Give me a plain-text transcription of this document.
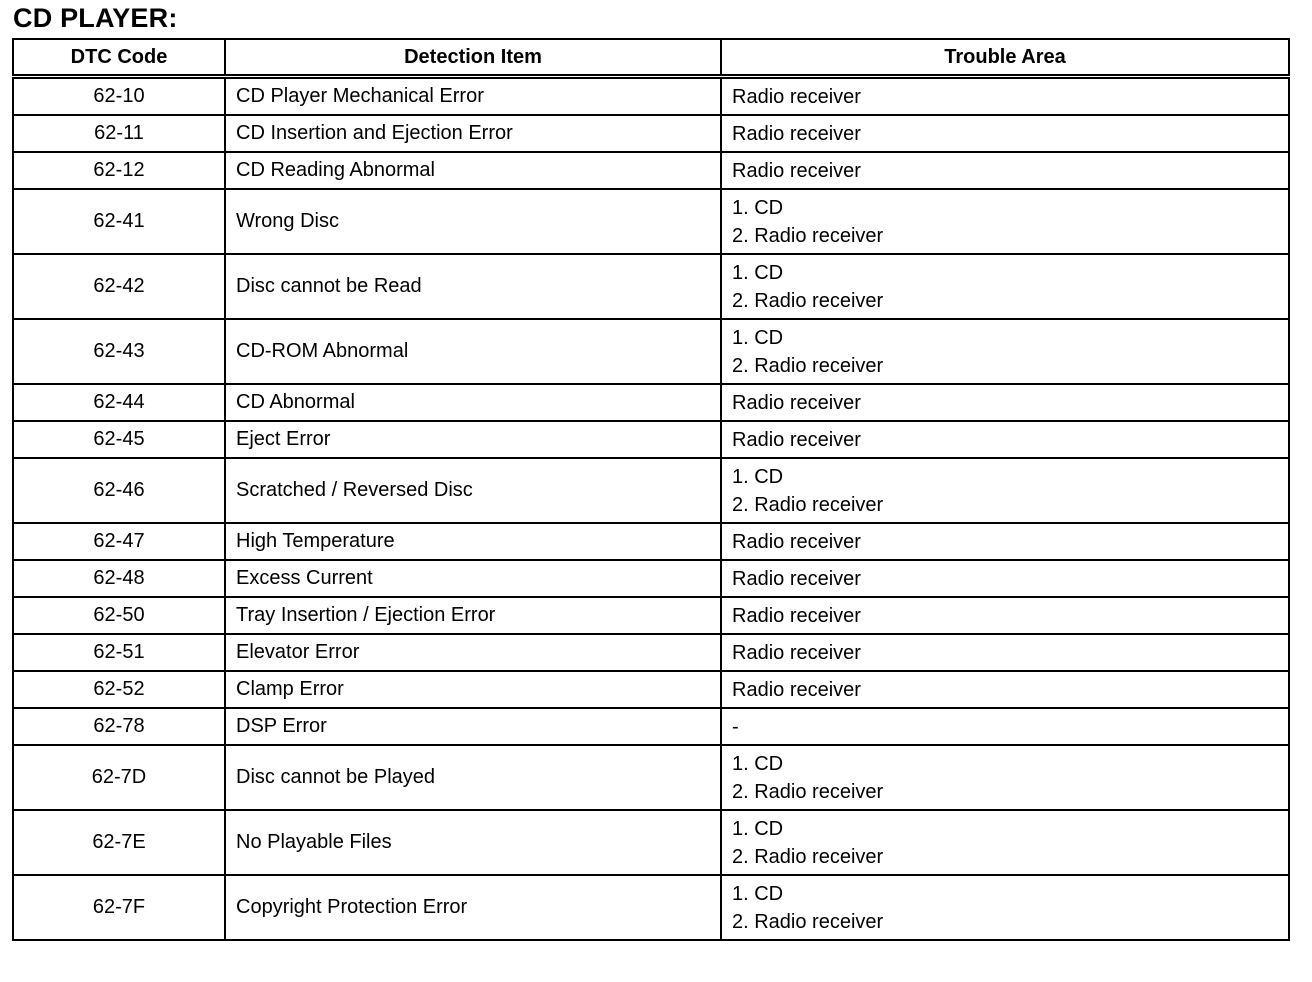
CD PLAYER:
DTC Code	Detection Item	Trouble Area
62-10	CD Player Mechanical Error	Radio receiver

62-11	CD Insertion and Ejection Error	Radio receiver

62-12	CD Reading Abnormal	Radio receiver

62-41	Wrong Disc	1. CD
2. Radio receiver

62-42	Disc cannot be Read	1. CD
2. Radio receiver

62-43	CD-ROM Abnormal	1. CD
2. Radio receiver

62-44	CD Abnormal	Radio receiver

62-45	Eject Error	Radio receiver

62-46	Scratched / Reversed Disc	1. CD
2. Radio receiver

62-47	High Temperature	Radio receiver

62-48	Excess Current	Radio receiver

62-50	Tray Insertion / Ejection Error	Radio receiver

62-51	Elevator Error	Radio receiver

62-52	Clamp Error	Radio receiver

62-78	DSP Error	-

62-7D	Disc cannot be Played	1. CD
2. Radio receiver

62-7E	No Playable Files	1. CD
2. Radio receiver

62-7F	Copyright Protection Error	1. CD
2. Radio receiver
